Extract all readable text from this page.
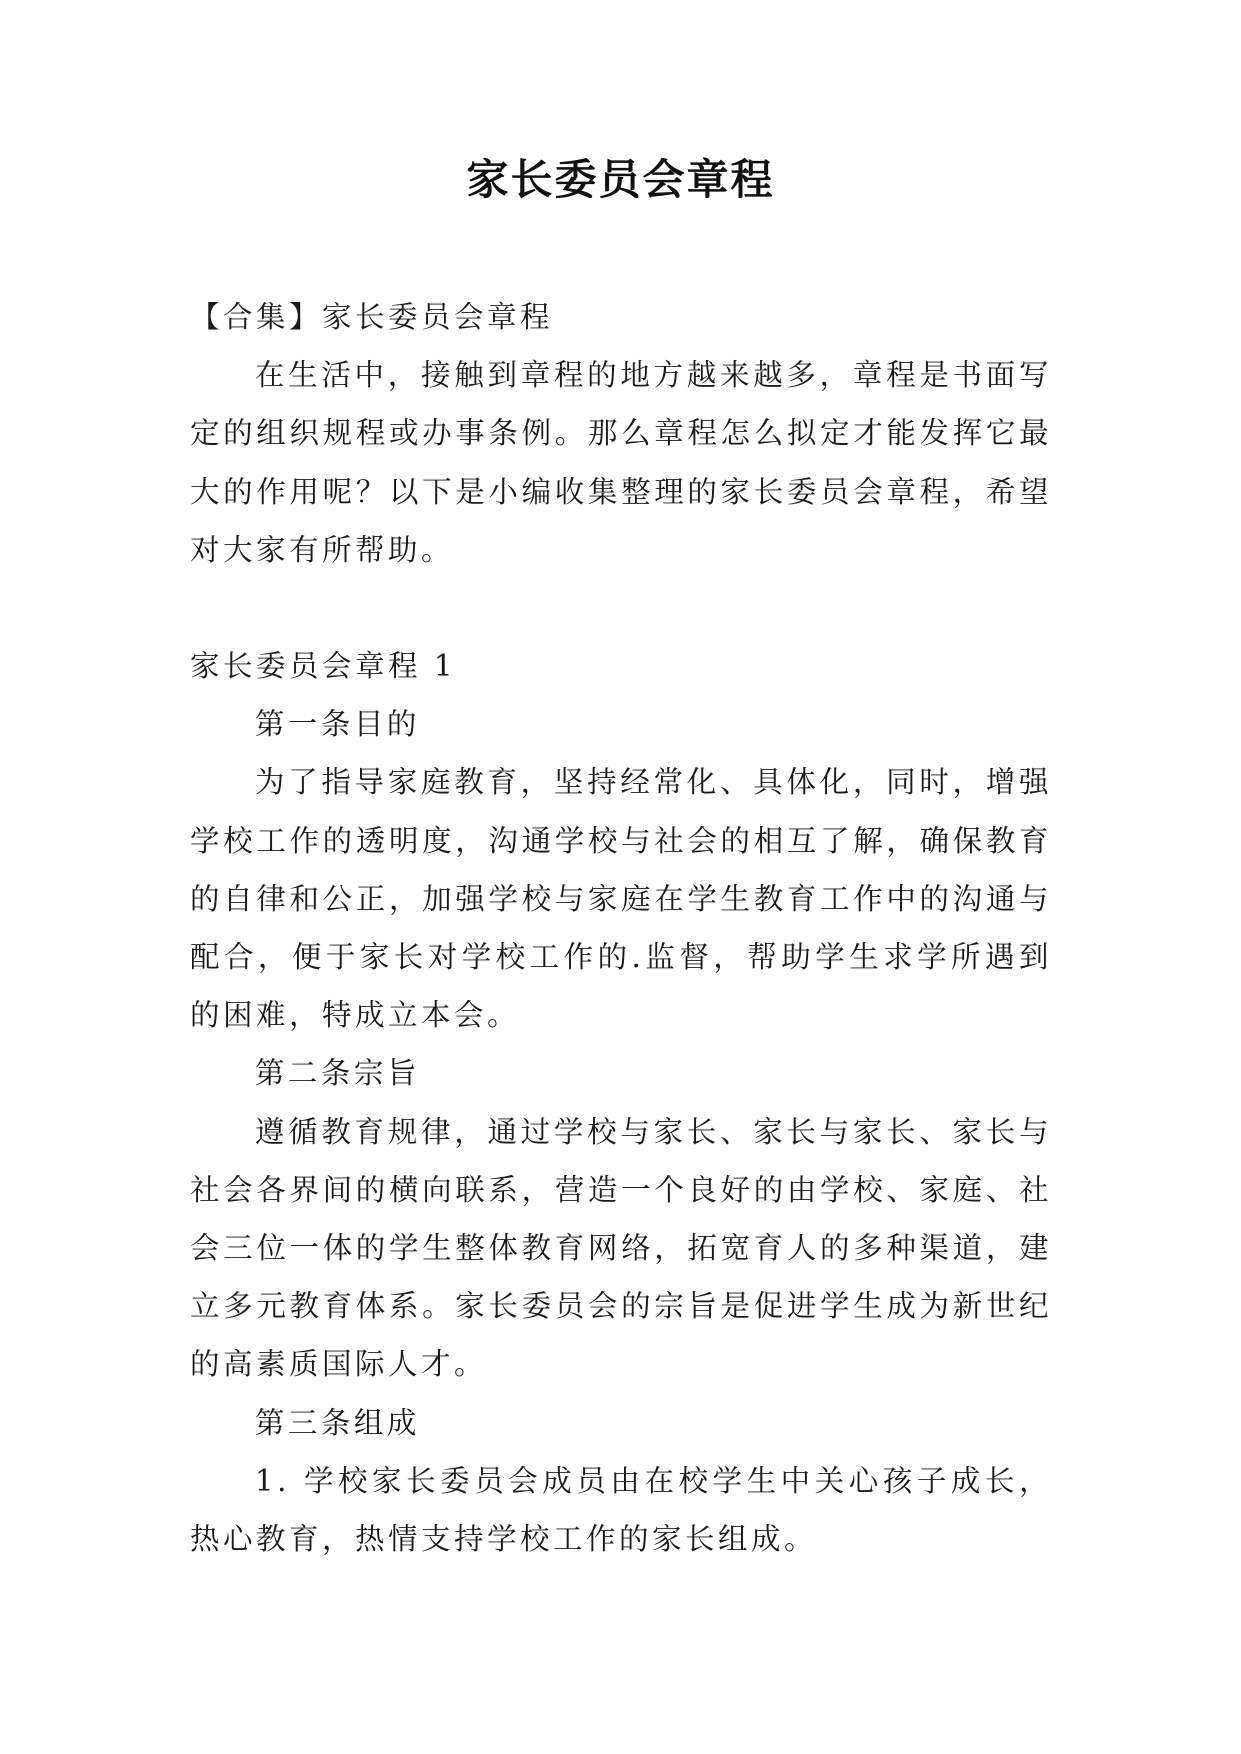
家长委员会章程

【合集】家长委员会章程

在生活中，接触到章程的地方越来越多，章程是书面写定的组织规程或办事条例。那么章程怎么拟定才能发挥它最大的作用呢？以下是小编收集整理的家长委员会章程，希望对大家有所帮助。

家长委员会章程 1

第一条目的

为了指导家庭教育，坚持经常化、具体化，同时，增强学校工作的透明度，沟通学校与社会的相互了解，确保教育的自律和公正，加强学校与家庭在学生教育工作中的沟通与配合，便于家长对学校工作的.监督，帮助学生求学所遇到的困难，特成立本会。

第二条宗旨

遵循教育规律，通过学校与家长、家长与家长、家长与社会各界间的横向联系，营造一个良好的由学校、家庭、社会三位一体的学生整体教育网络，拓宽育人的多种渠道，建立多元教育体系。家长委员会的宗旨是促进学生成为新世纪的高素质国际人才。

第三条组成

1. 学校家长委员会成员由在校学生中关心孩子成长，热心教育，热情支持学校工作的家长组成。
